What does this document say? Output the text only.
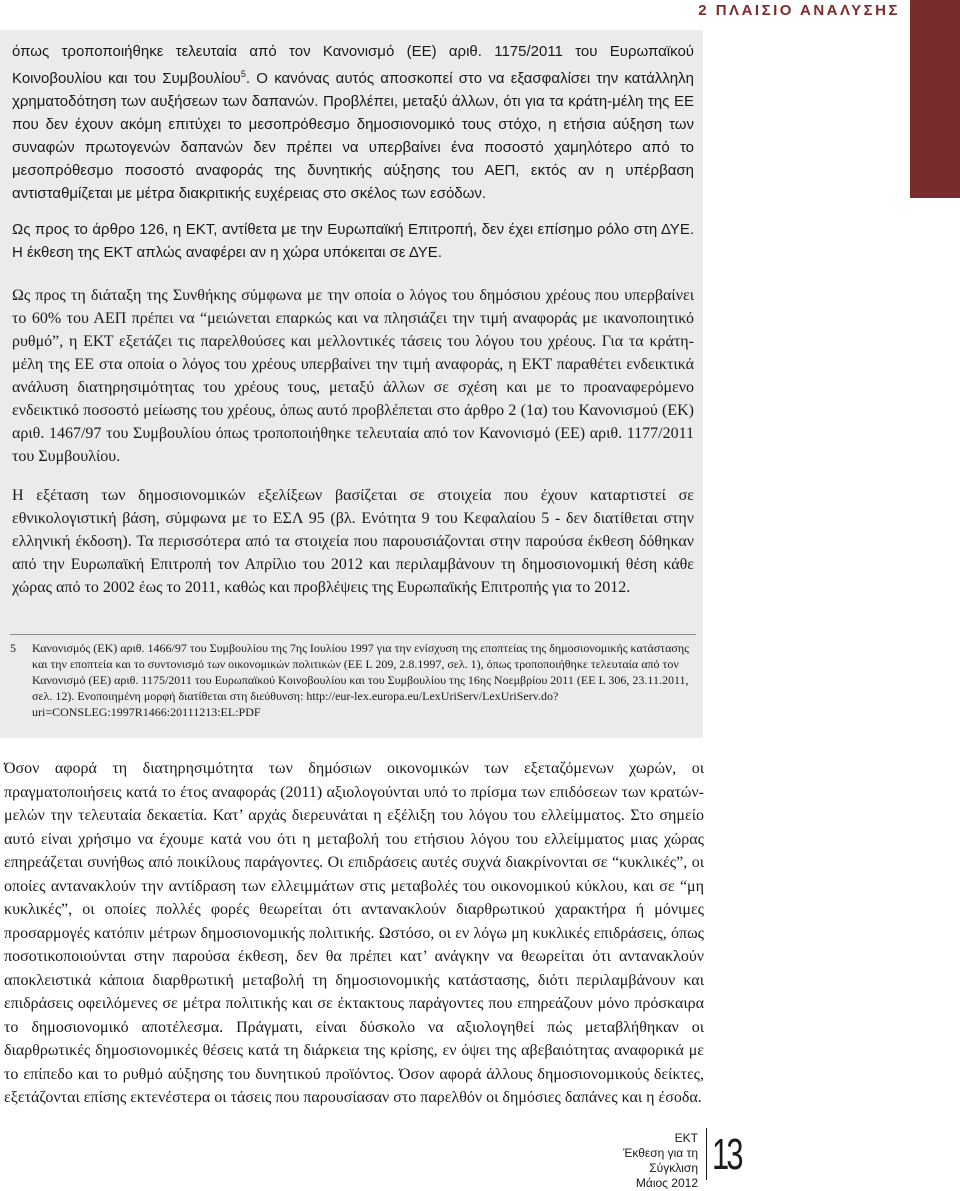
2 ΠΛΑΙΣΙΟ ΑΝΑΛΥΣΗΣ

όπως τροποποιήθηκε τελευταία από τον Κανονισμό (ΕΕ) αριθ. 1175/2011 του Ευρωπαϊκού Κοινοβουλίου και του Συμβουλίου$^5$. Ο κανόνας αυτός αποσκοπεί στο να εξασφαλίσει την κατάλληλη χρηματοδότηση των αυξήσεων των δαπανών. Προβλέπει, μεταξύ άλλων, ότι για τα κράτη-μέλη της ΕΕ που δεν έχουν ακόμη επιτύχει το μεσοπρόθεσμο δημοσιονομικό τους στόχο, η ετήσια αύξηση των συναφών πρωτογενών δαπανών δεν πρέπει να υπερβαίνει ένα ποσοστό χαμηλότερο από το μεσοπρόθεσμο ποσοστό αναφοράς της δυνητικής αύξησης του ΑΕΠ, εκτός αν η υπέρβαση αντισταθμίζεται με μέτρα διακριτικής ευχέρειας στο σκέλος των εσόδων.

Ως προς το άρθρο 126, η ΕΚΤ, αντίθετα με την Ευρωπαϊκή Επιτροπή, δεν έχει επίσημο ρόλο στη ΔΥΕ. Η έκθεση της ΕΚΤ απλώς αναφέρει αν η χώρα υπόκειται σε ΔΥΕ.

Ως προς τη διάταξη της Συνθήκης σύμφωνα με την οποία ο λόγος του δημόσιου χρέους που υπερβαίνει το 60% του ΑΕΠ πρέπει να “μειώνεται επαρκώς και να πλησιάζει την τιμή αναφοράς με ικανοποιητικό ρυθμό”, η ΕΚΤ εξετάζει τις παρελθούσες και μελλοντικές τάσεις του λόγου του χρέους. Για τα κράτη-μέλη της ΕΕ στα οποία ο λόγος του χρέους υπερβαίνει την τιμή αναφοράς, η ΕΚΤ παραθέτει ενδεικτικά ανάλυση διατηρησιμότητας του χρέους τους, μεταξύ άλλων σε σχέση και με το προαναφερόμενο ενδεικτικό ποσοστό μείωσης του χρέους, όπως αυτό προβλέπεται στο άρθρο 2 (1α) του Κανονισμού (ΕΚ) αριθ. 1467/97 του Συμβουλίου όπως τροποποιήθηκε τελευταία από τον Κανονισμό (ΕΕ) αριθ. 1177/2011 του Συμβουλίου.

Η εξέταση των δημοσιονομικών εξελίξεων βασίζεται σε στοιχεία που έχουν καταρτιστεί σε εθνικολογιστική βάση, σύμφωνα με το ΕΣΛ 95 (βλ. Ενότητα 9 του Κεφαλαίου 5 - δεν διατίθεται στην ελληνική έκδοση). Τα περισσότερα από τα στοιχεία που παρουσιάζονται στην παρούσα έκθεση δόθηκαν από την Ευρωπαϊκή Επιτροπή τον Απρίλιο του 2012 και περιλαμβάνουν τη δημοσιονομική θέση κάθε χώρας από το 2002 έως το 2011, καθώς και προβλέψεις της Ευρωπαϊκής Επιτροπής για το 2012.

5 Κανονισμός (ΕΚ) αριθ. 1466/97 του Συμβουλίου της 7ης Ιουλίου 1997 για την ενίσχυση της εποπτείας της δημοσιονομικής κατάστασης και την εποπτεία και το συντονισμό των οικονομικών πολιτικών (ΕΕ L 209, 2.8.1997, σελ. 1), όπως τροποποιήθηκε τελευταία από τον Κανονισμό (ΕΕ) αριθ. 1175/2011 του Ευρωπαϊκού Κοινοβουλίου και του Συμβουλίου της 16ης Νοεμβρίου 2011 (ΕΕ L 306, 23.11.2011, σελ. 12). Ενοποιημένη μορφή διατίθεται στη διεύθυνση: http://eur-lex.europa.eu/LexUriServ/LexUriServ.do?uri=CONSLEG:1997R1466:20111213:EL:PDF

Όσον αφορά τη διατηρησιμότητα των δημόσιων οικονομικών των εξεταζόμενων χωρών, οι πραγματοποιήσεις κατά το έτος αναφοράς (2011) αξιολογούνται υπό το πρίσμα των επιδόσεων των κρατών-μελών την τελευταία δεκαετία. Κατ’ αρχάς διερευνάται η εξέλιξη του λόγου του ελλείμματος. Στο σημείο αυτό είναι χρήσιμο να έχουμε κατά νου ότι η μεταβολή του ετήσιου λόγου του ελλείμματος μιας χώρας επηρεάζεται συνήθως από ποικίλους παράγοντες. Οι επιδράσεις αυτές συχνά διακρίνονται σε “κυκλικές”, οι οποίες αντανακλούν την αντίδραση των ελλειμμάτων στις μεταβολές του οικονομικού κύκλου, και σε “μη κυκλικές”, οι οποίες πολλές φορές θεωρείται ότι αντανακλούν διαρθρωτικού χαρακτήρα ή μόνιμες προσαρμογές κατόπιν μέτρων δημοσιονομικής πολιτικής. Ωστόσο, οι εν λόγω μη κυκλικές επιδράσεις, όπως ποσοτικοποιούνται στην παρούσα έκθεση, δεν θα πρέπει κατ’ ανάγκην να θεωρείται ότι αντανακλούν αποκλειστικά κάποια διαρθρωτική μεταβολή τη δημοσιονομικής κατάστασης, διότι περιλαμβάνουν και επιδράσεις οφειλόμενες σε μέτρα πολιτικής και σε έκτακτους παράγοντες που επηρεάζουν μόνο πρόσκαιρα το δημοσιονομικό αποτέλεσμα. Πράγματι, είναι δύσκολο να αξιολογηθεί πώς μεταβλήθηκαν οι διαρθρωτικές δημοσιονομικές θέσεις κατά τη διάρκεια της κρίσης, εν όψει της αβεβαιότητας αναφορικά με το επίπεδο και το ρυθμό αύξησης του δυνητικού προϊόντος. Όσον αφορά άλλους δημοσιονομικούς δείκτες, εξετάζονται επίσης εκτενέστερα οι τάσεις που παρουσίασαν στο παρελθόν οι δημόσιες δαπάνες και η έσοδα.

ΕΚΤ
Έκθεση για τη Σύγκλιση
Μάιος 2012
13
